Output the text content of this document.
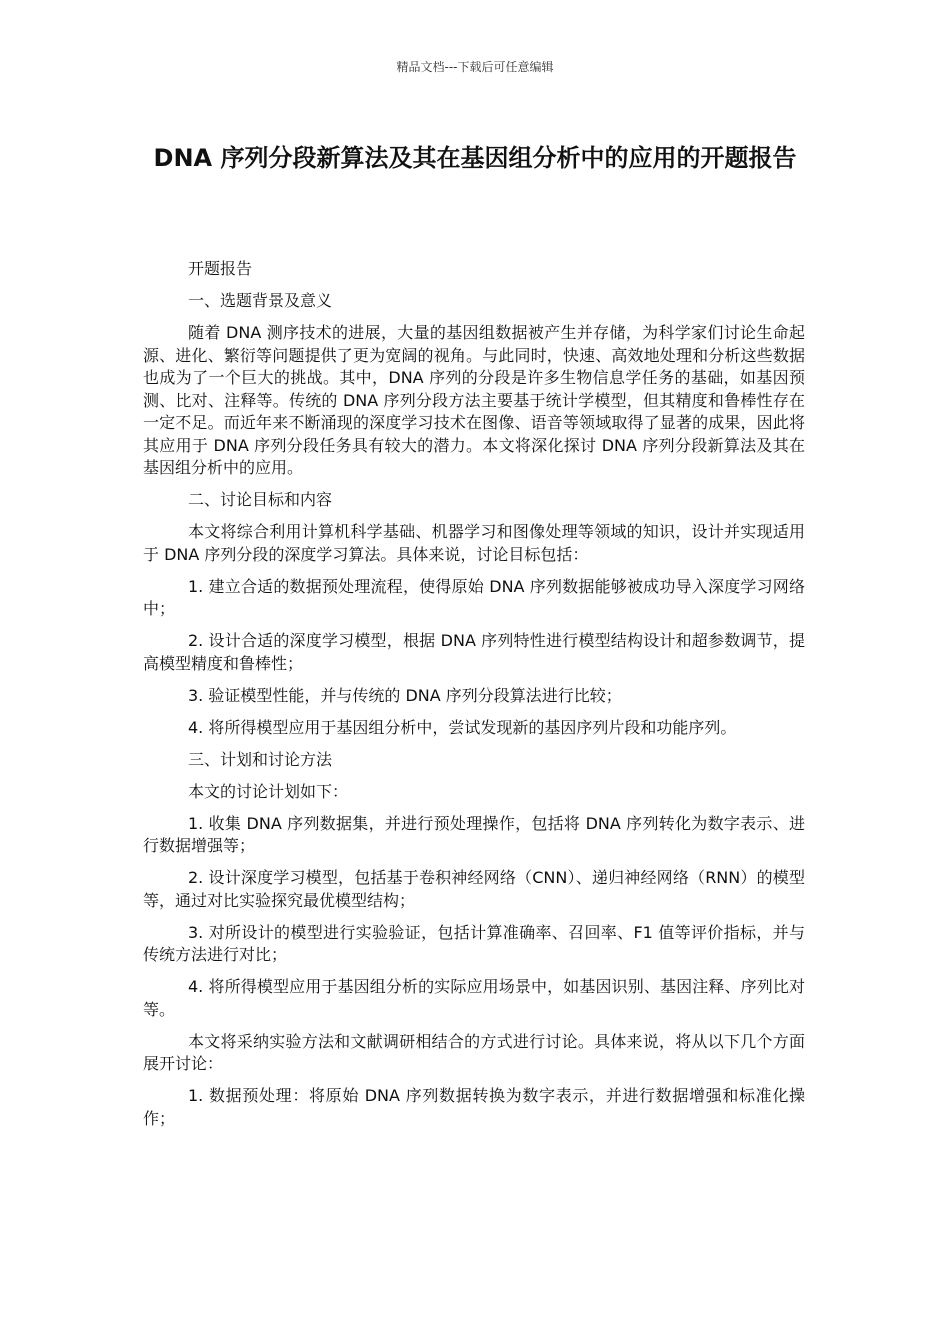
精品文档---下载后可任意编辑
DNA 序列分段新算法及其在基因组分析中的应用的开题报告

开题报告

一、选题背景及意义

随着 DNA 测序技术的进展，大量的基因组数据被产生并存储，为科学家们讨论生命起源、进化、繁衍等问题提供了更为宽阔的视角。与此同时，快速、高效地处理和分析这些数据也成为了一个巨大的挑战。其中，DNA 序列的分段是许多生物信息学任务的基础，如基因预测、比对、注释等。传统的 DNA 序列分段方法主要基于统计学模型，但其精度和鲁棒性存在一定不足。而近年来不断涌现的深度学习技术在图像、语音等领域取得了显著的成果，因此将其应用于 DNA 序列分段任务具有较大的潜力。本文将深化探讨 DNA 序列分段新算法及其在基因组分析中的应用。

二、讨论目标和内容

本文将综合利用计算机科学基础、机器学习和图像处理等领域的知识，设计并实现适用于 DNA 序列分段的深度学习算法。具体来说，讨论目标包括：

1. 建立合适的数据预处理流程，使得原始 DNA 序列数据能够被成功导入深度学习网络中；

2. 设计合适的深度学习模型，根据 DNA 序列特性进行模型结构设计和超参数调节，提高模型精度和鲁棒性；

3. 验证模型性能，并与传统的 DNA 序列分段算法进行比较；

4. 将所得模型应用于基因组分析中，尝试发现新的基因序列片段和功能序列。

三、计划和讨论方法

本文的讨论计划如下：

1. 收集 DNA 序列数据集，并进行预处理操作，包括将 DNA 序列转化为数字表示、进行数据增强等；

2. 设计深度学习模型，包括基于卷积神经网络（CNN）、递归神经网络（RNN）的模型等，通过对比实验探究最优模型结构；

3. 对所设计的模型进行实验验证，包括计算准确率、召回率、F1 值等评价指标，并与传统方法进行对比；

4. 将所得模型应用于基因组分析的实际应用场景中，如基因识别、基因注释、序列比对等。

本文将采纳实验方法和文献调研相结合的方式进行讨论。具体来说，将从以下几个方面展开讨论：

1. 数据预处理：将原始 DNA 序列数据转换为数字表示，并进行数据增强和标准化操作；
